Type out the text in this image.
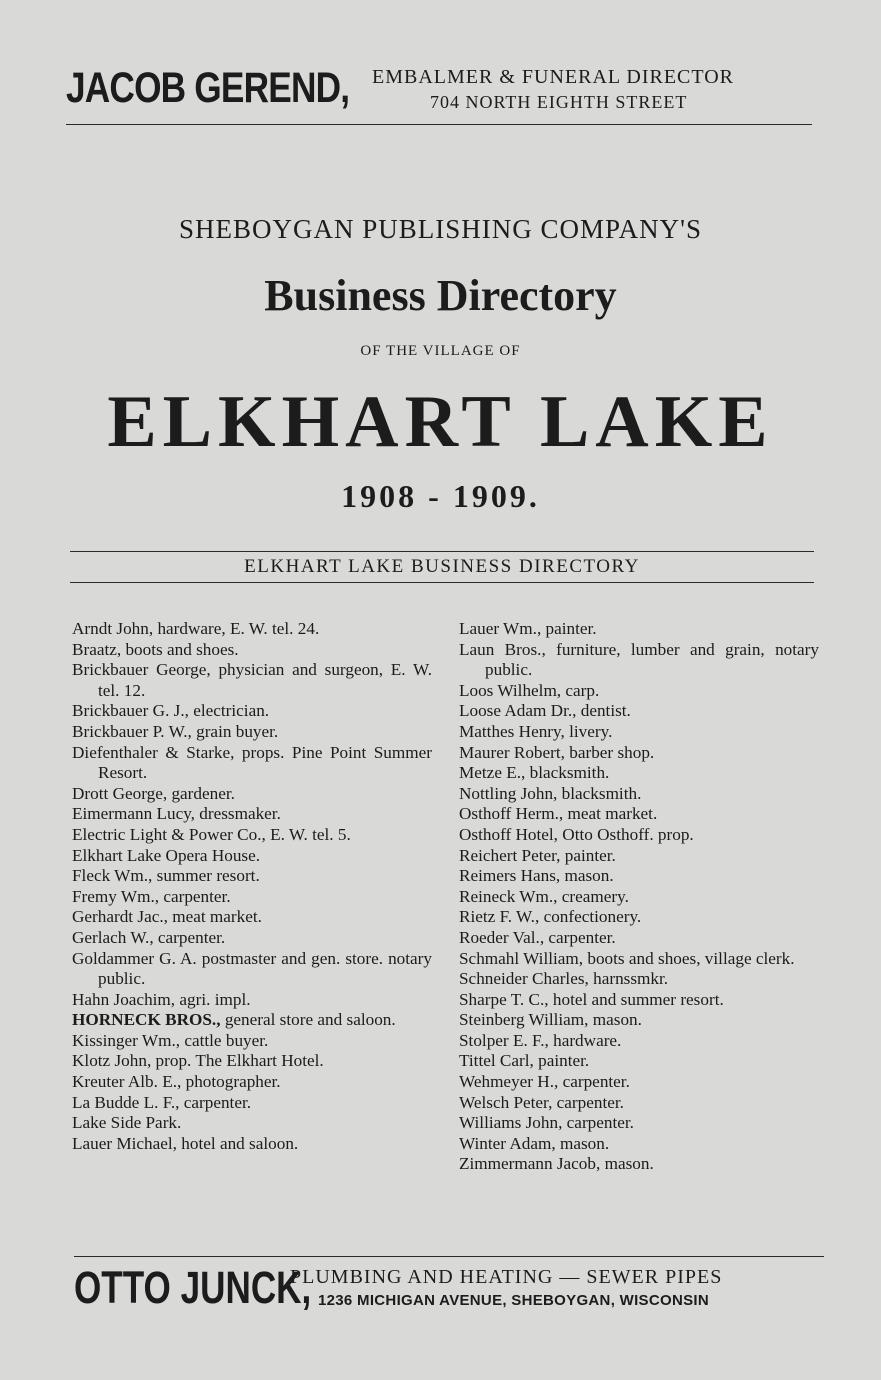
JACOB GEREND, EMBALMER & FUNERAL DIRECTOR
704 NORTH EIGHTH STREET
SHEBOYGAN PUBLISHING COMPANY'S
Business Directory
OF THE VILLAGE OF
ELKHART LAKE
1908 - 1909.
ELKHART LAKE BUSINESS DIRECTORY
Arndt John, hardware, E. W. tel. 24.
Braatz, boots and shoes.
Brickbauer George, physician and surgeon, E. W. tel. 12.
Brickbauer G. J., electrician.
Brickbauer P. W., grain buyer.
Diefenthaler & Starke, props. Pine Point Summer Resort.
Drott George, gardener.
Eimermann Lucy, dressmaker.
Electric Light & Power Co., E. W. tel. 5.
Elkhart Lake Opera House.
Fleck Wm., summer resort.
Fremy Wm., carpenter.
Gerhardt Jac., meat market.
Gerlach W., carpenter.
Goldammer G. A. postmaster and gen. store. notary public.
Hahn Joachim, agri. impl.
HORNECK BROS., general store and saloon.
Kissinger Wm., cattle buyer.
Klotz John, prop. The Elkhart Hotel.
Kreuter Alb. E., photographer.
La Budde L. F., carpenter.
Lake Side Park.
Lauer Michael, hotel and saloon.
Lauer Wm., painter.
Laun Bros., furniture, lumber and grain, notary public.
Loos Wilhelm, carp.
Loose Adam Dr., dentist.
Matthes Henry, livery.
Maurer Robert, barber shop.
Metze E., blacksmith.
Nottling John, blacksmith.
Osthoff Herm., meat market.
Osthoff Hotel, Otto Osthoff. prop.
Reichert Peter, painter.
Reimers Hans, mason.
Reineck Wm., creamery.
Rietz F. W., confectionery.
Roeder Val., carpenter.
Schmahl William, boots and shoes, village clerk.
Schneider Charles, harnssmkr.
Sharpe T. C., hotel and summer resort.
Steinberg William, mason.
Stolper E. F., hardware.
Tittel Carl, painter.
Wehmeyer H., carpenter.
Welsch Peter, carpenter.
Williams John, carpenter.
Winter Adam, mason.
Zimmermann Jacob, mason.
OTTO JUNCK,
PLUMBING AND HEATING — SEWER PIPES
1236 MICHIGAN AVENUE, SHEBOYGAN, WISCONSIN
